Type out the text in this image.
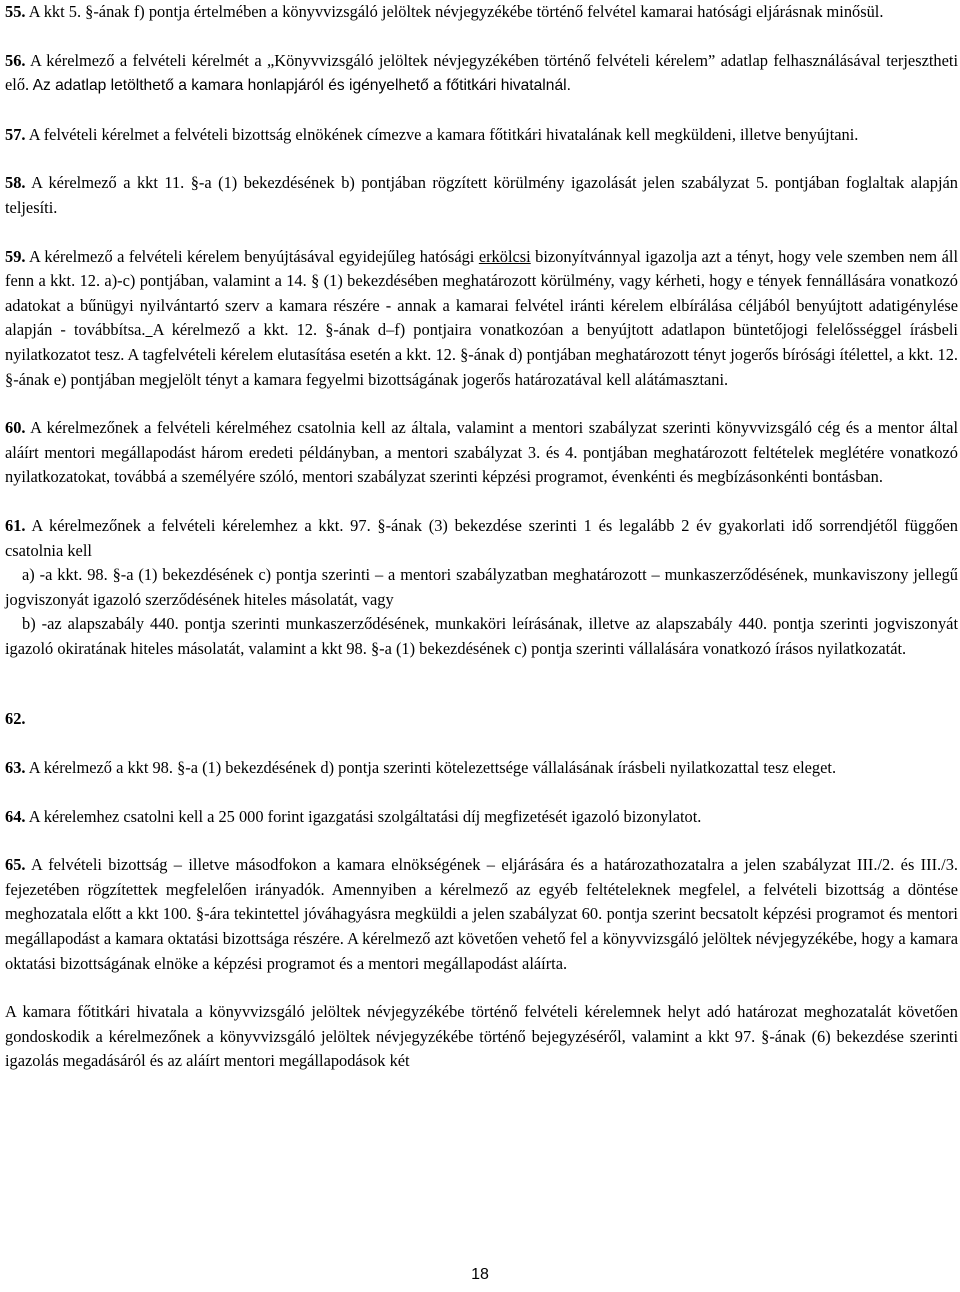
55. A kkt 5. §-ának f) pontja értelmében a könyvvizsgáló jelöltek névjegyzékébe történő felvétel kamarai hatósági eljárásnak minősül.

56. A kérelmező a felvételi kérelmét a „Könyvvizsgáló jelöltek névjegyzékében történő felvételi kérelem” adatlap felhasználásával terjesztheti elő. Az adatlap letölthető a kamara honlapjáról és igényelhető a főtitkári hivatalnál.

57. A felvételi kérelmet a felvételi bizottság elnökének címezve a kamara főtitkári hivatalának kell megküldeni, illetve benyújtani.

58. A kérelmező a kkt 11. §-a (1) bekezdésének b) pontjában rögzített körülmény igazolását jelen szabályzat 5. pontjában foglaltak alapján teljesíti.

59. A kérelmező a felvételi kérelem benyújtásával egyidejűleg hatósági erkölcsi bizonyítvánnyal igazolja azt a tényt, hogy vele szemben nem áll fenn a kkt. 12. a)-c) pontjában, valamint a 14. § (1) bekezdésében meghatározott körülmény, vagy kérheti, hogy e tények fennállására vonatkozó adatokat a bűnügyi nyilvántartó szerv a kamara részére - annak a kamarai felvétel iránti kérelem elbírálása céljából benyújtott adatigénylése alapján - továbbítsa. A kérelmező a kkt. 12. §-ának d–f) pontjaira vonatkozóan a benyújtott adatlapon büntetőjogi felelősséggel írásbeli nyilatkozatot tesz. A tagfelvételi kérelem elutasítása esetén a kkt. 12. §-ának d) pontjában meghatározott tényt jogerős bírósági ítélettel, a kkt. 12. §-ának e) pontjában megjelölt tényt a kamara fegyelmi bizottságának jogerős határozatával kell alátámasztani.

60. A kérelmezőnek a felvételi kérelméhez csatolnia kell az általa, valamint a mentori szabályzat szerinti könyvvizsgáló cég és a mentor által aláírt mentori megállapodást három eredeti példányban, a mentori szabályzat 3. és 4. pontjában meghatározott feltételek meglétére vonatkozó nyilatkozatokat, továbbá a személyére szóló, mentori szabályzat szerinti képzési programot, évenkénti és megbízásonkénti bontásban.

61. A kérelmezőnek a felvételi kérelemhez a kkt. 97. §-ának (3) bekezdése szerinti 1 és legalább 2 év gyakorlati idő sorrendjétől függően csatolnia kell

a) -a kkt. 98. §-a (1) bekezdésének c) pontja szerinti – a mentori szabályzatban meghatározott – munkaszerződésének, munkaviszony jellegű jogviszonyát igazoló szerződésének hiteles másolatát, vagy

b) -az alapszabály 440. pontja szerinti munkaszerződésének, munkaköri leírásának, illetve az alapszabály 440. pontja szerinti jogviszonyát igazoló okiratának hiteles másolatát, valamint a kkt 98. §-a (1) bekezdésének c) pontja szerinti vállalására vonatkozó írásos nyilatkozatát.

62.

63. A kérelmező a kkt 98. §-a (1) bekezdésének d) pontja szerinti kötelezettsége vállalásának írásbeli nyilatkozattal tesz eleget.

64. A kérelemhez csatolni kell a 25 000 forint igazgatási szolgáltatási díj megfizetését igazoló bizonylatot.

65. A felvételi bizottság – illetve másodfokon a kamara elnökségének – eljárására és a határozathozatalra a jelen szabályzat III./2. és III./3. fejezetében rögzítettek megfelelően irányadók. Amennyiben a kérelmező az egyéb feltételeknek megfelel, a felvételi bizottság a döntése meghozatala előtt a kkt 100. §-ára tekintettel jóváhagyásra megküldi a jelen szabályzat 60. pontja szerint becsatolt képzési programot és mentori megállapodást a kamara oktatási bizottsága részére. A kérelmező azt követően vehető fel a könyvvizsgáló jelöltek névjegyzékébe, hogy a kamara oktatási bizottságának elnöke a képzési programot és a mentori megállapodást aláírta.

A kamara főtitkári hivatala a könyvvizsgáló jelöltek névjegyzékébe történő felvételi kérelemnek helyt adó határozat meghozatalát követően gondoskodik a kérelmezőnek a könyvvizsgáló jelöltek névjegyzékébe történő bejegyzéséről, valamint a kkt 97. §-ának (6) bekezdése szerinti igazolás megadásáról és az aláírt mentori megállapodások két

18
